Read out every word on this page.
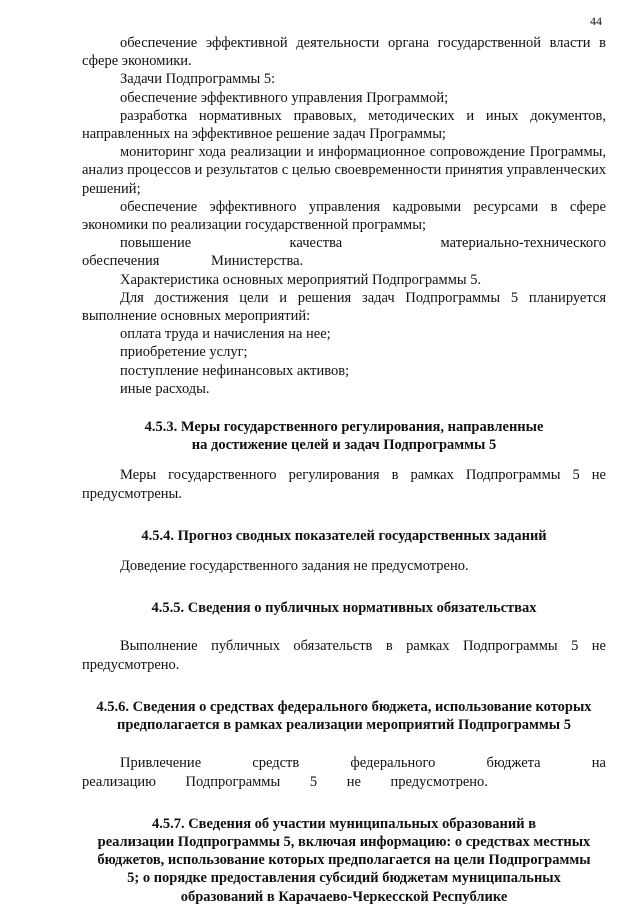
44

обеспечение эффективной деятельности органа государственной власти в сфере экономики.

Задачи Подпрограммы 5:

обеспечение эффективного управления Программой;

разработка нормативных правовых, методических и иных документов, направленных на эффективное решение задач Программы;

мониторинг хода реализации и информационное сопровождение Программы, анализ процессов и результатов с целью своевременности принятия управленческих решений;

обеспечение эффективного управления кадровыми ресурсами в сфере экономики по реализации государственной программы;

повышение качества материально-технического обеспечения Министерства.

Характеристика основных мероприятий Подпрограммы 5.

Для достижения цели и решения задач Подпрограммы 5 планируется выполнение основных мероприятий:

оплата труда и начисления на нее;

приобретение услуг;

поступление нефинансовых активов;

иные расходы.

4.5.3. Меры государственного регулирования, направленные

на достижение целей и задач Подпрограммы 5

Меры государственного регулирования в рамках Подпрограммы 5 не предусмотрены.

4.5.4. Прогноз сводных показателей государственных заданий

Доведение государственного задания не предусмотрено.

4.5.5. Сведения о публичных нормативных обязательствах

Выполнение публичных обязательств в рамках Подпрограммы 5 не предусмотрено.

4.5.6. Сведения о средствах федерального бюджета, использование которых

предполагается в рамках реализации мероприятий Подпрограммы 5

Привлечение средств федерального бюджета на реализацию Подпрограммы 5 не предусмотрено.

4.5.7. Сведения об участии муниципальных образований в

реализации Подпрограммы 5, включая информацию: о средствах местных

бюджетов, использование которых предполагается на цели Подпрограммы

5; о порядке предоставления субсидий бюджетам муниципальных

образований в Карачаево-Черкесской Республике
